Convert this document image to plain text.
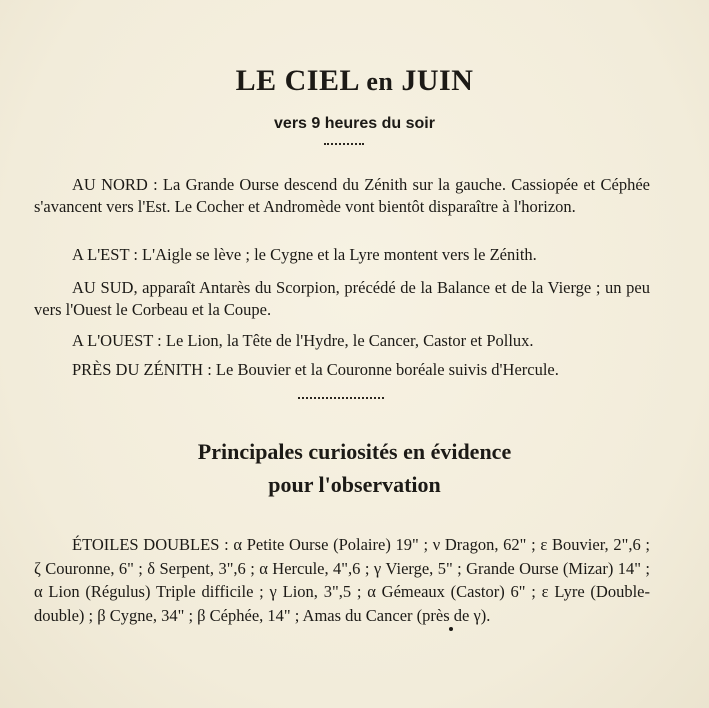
LE CIEL en JUIN
vers 9 heures du soir
AU NORD : La Grande Ourse descend du Zénith sur la gauche. Cassiopée et Céphée s'avancent vers l'Est. Le Cocher et Andromède vont bientôt disparaître à l'horizon.
A L'EST : L'Aigle se lève ; le Cygne et la Lyre montent vers le Zénith.
AU SUD, apparaît Antarès du Scorpion, précédé de la Balance et de la Vierge ; un peu vers l'Ouest le Corbeau et la Coupe.
A L'OUEST : Le Lion, la Tête de l'Hydre, le Cancer, Castor et Pollux.
PRÈS DU ZÉNITH : Le Bouvier et la Couronne boréale suivis d'Hercule.
Principales curiosités en évidence
pour l'observation
ÉTOILES DOUBLES : α Petite Ourse (Polaire) 19" ; ν Dragon, 62" ; ε Bouvier, 2",6 ; ζ Couronne, 6" ; δ Serpent, 3",6 ; α Hercule, 4",6 ; γ Vierge, 5" ; Grande Ourse (Mizar) 14" ; α Lion (Régulus) Triple difficile ; γ Lion, 3",5 ; α Gémeaux (Castor) 6" ; ε Lyre (Double-double) ; β Cygne, 34" ; β Céphée, 14" ; Amas du Cancer (près de γ).
